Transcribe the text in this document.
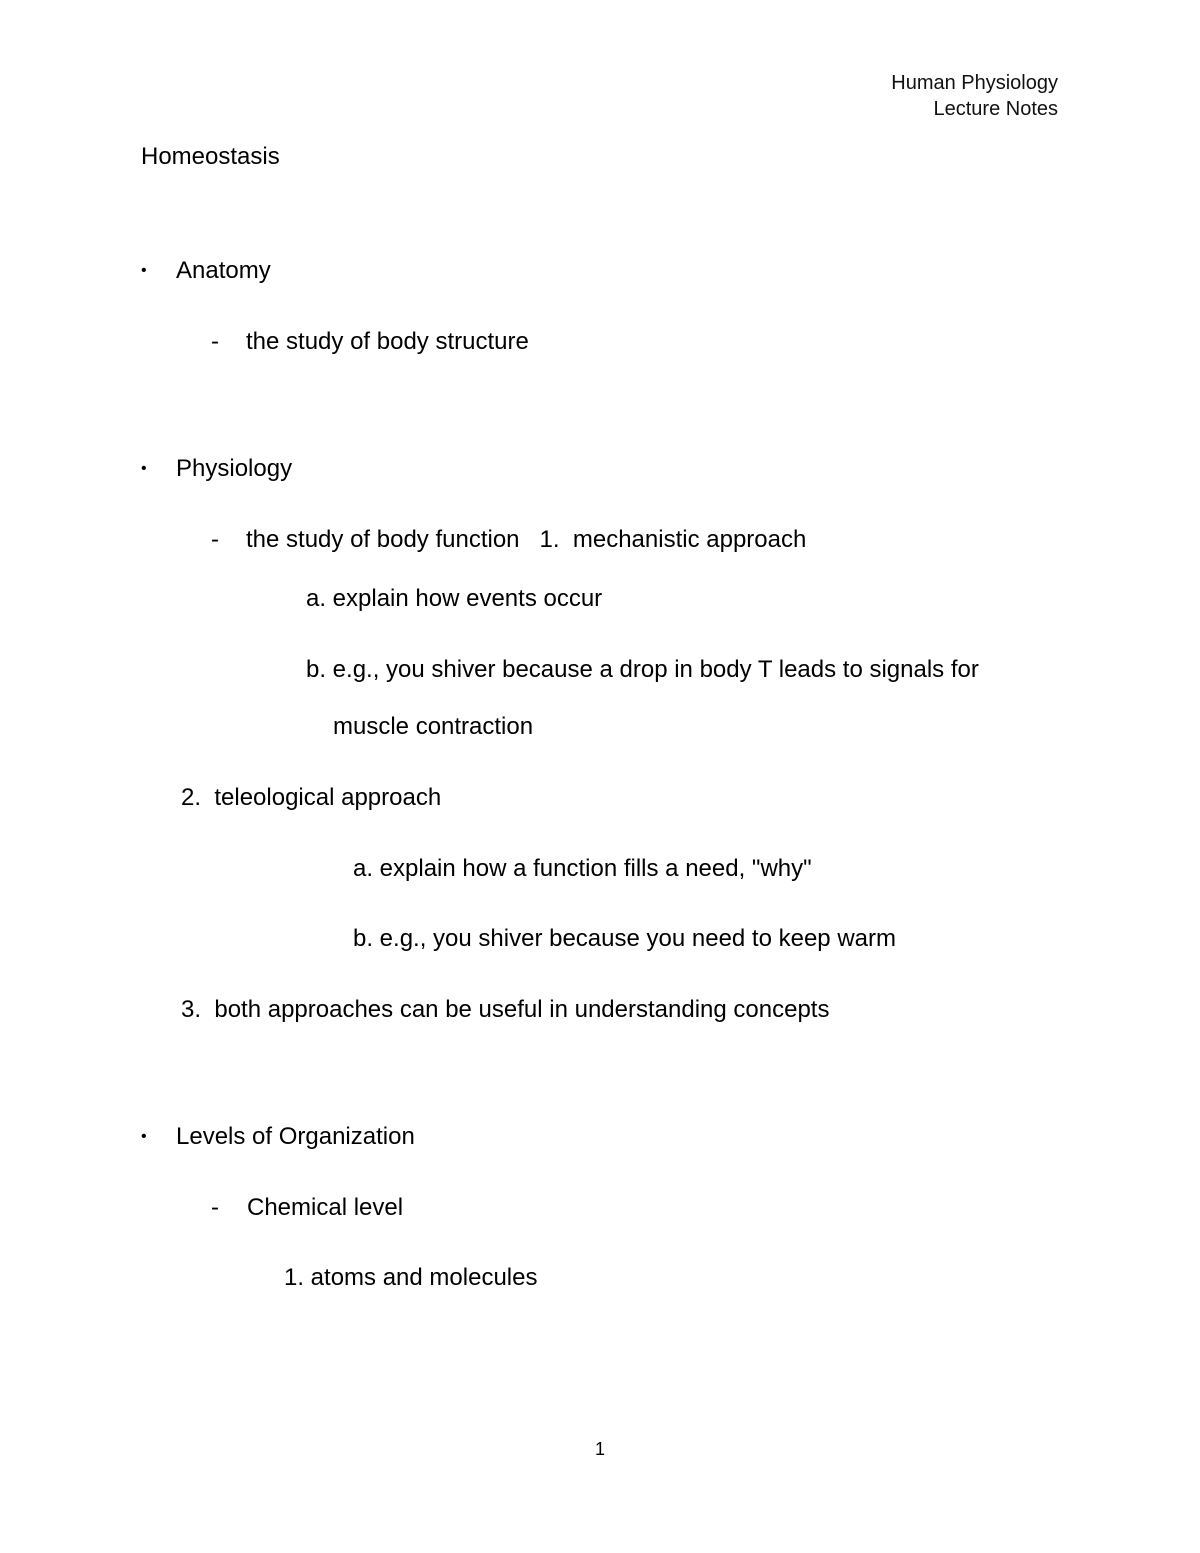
Human Physiology
Lecture Notes
Homeostasis
• Anatomy
- the study of body structure
• Physiology
- the study of body function   1.  mechanistic approach
a. explain how events occur
b. e.g., you shiver because a drop in body T leads to signals for
muscle contraction
2.  teleological approach
a. explain how a function fills a need, "why"
b. e.g., you shiver because you need to keep warm
3.  both approaches can be useful in understanding concepts
• Levels of Organization
- Chemical level
1. atoms and molecules
1
